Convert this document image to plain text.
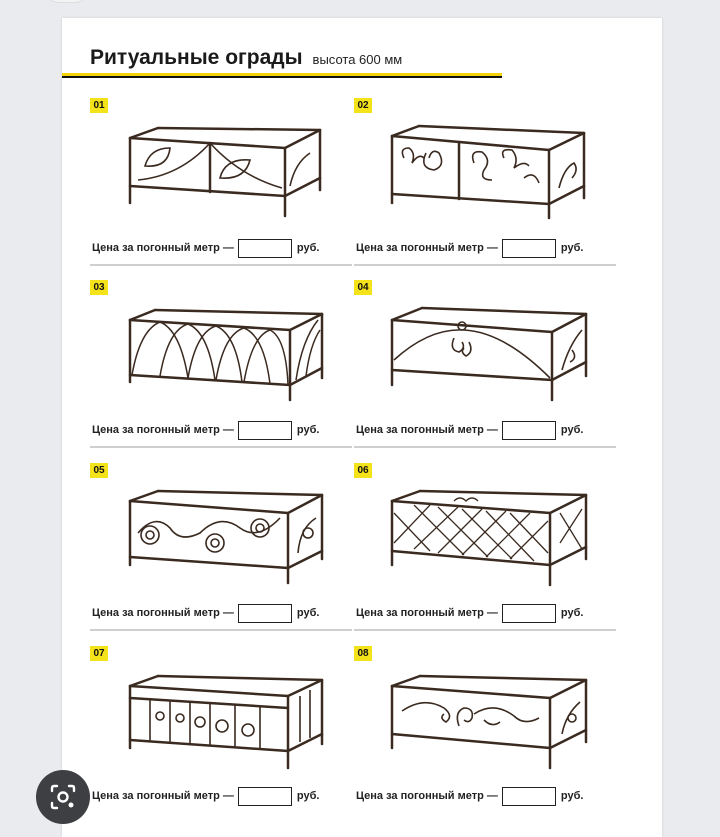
Ритуальные ограды высота 600 мм
01
Цена за погонный метр —	руб.
02
Цена за погонный метр —	руб.
03
Цена за погонный метр —	руб.
04
Цена за погонный метр —	руб.
05
Цена за погонный метр —	руб.
06
Цена за погонный метр —	руб.
07
Цена за погонный метр —	руб.
08
Цена за погонный метр —	руб.
